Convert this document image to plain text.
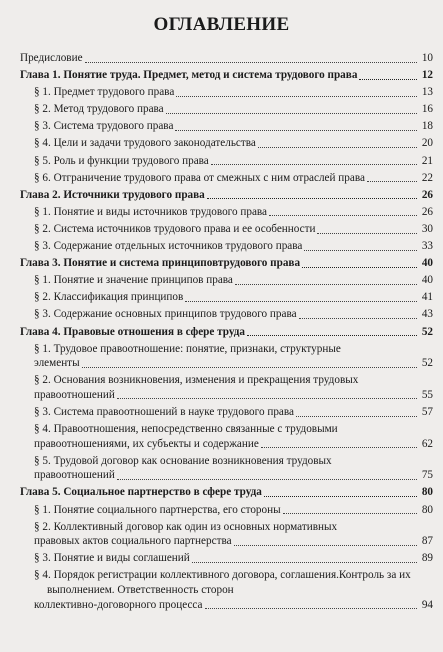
ОГЛАВЛЕНИЕ
Предисловие	10
Глава 1. Понятие труда. Предмет, метод и система трудового права	12
§ 1. Предмет трудового права	13
§ 2. Метод трудового права	16
§ 3. Система трудового права	18
§ 4. Цели и задачи трудового законодательства	20
§ 5. Роль и функции трудового права	21
§ 6. Отграничение трудового права от смежных с ним отраслей права	22
Глава 2. Источники трудового права	26
§ 1. Понятие и виды источников трудового права	26
§ 2. Система источников трудового права и ее особенности	30
§ 3. Содержание отдельных источников трудового права	33
Глава 3. Понятие и система принциповтрудового права	40
§ 1. Понятие и значение принципов права	40
§ 2. Классификация принципов	41
§ 3. Содержание основных принципов трудового права	43
Глава 4. Правовые отношения в сфере труда	52
§ 1. Трудовое правоотношение: понятие, признаки, структурные
элементы	52
§ 2. Основания возникновения, изменения и прекращения трудовых
правоотношений	55
§ 3. Система правоотношений в науке трудового права	57
§ 4. Правоотношения, непосредственно связанные с трудовыми
правоотношениями, их субъекты и содержание	62
§ 5. Трудовой договор как основание возникновения трудовых
правоотношений	75
Глава 5. Социальное партнерство в сфере труда	80
§ 1. Понятие социального партнерства, его стороны	80
§ 2. Коллективный договор как один из основных нормативных
правовых актов социального партнерства	87
§ 3. Понятие и виды соглашений	89
§ 4. Порядок регистрации коллективного договора, соглашения.Контроль за их выполнением. Ответственность сторон
коллективно-договорного процесса	94
